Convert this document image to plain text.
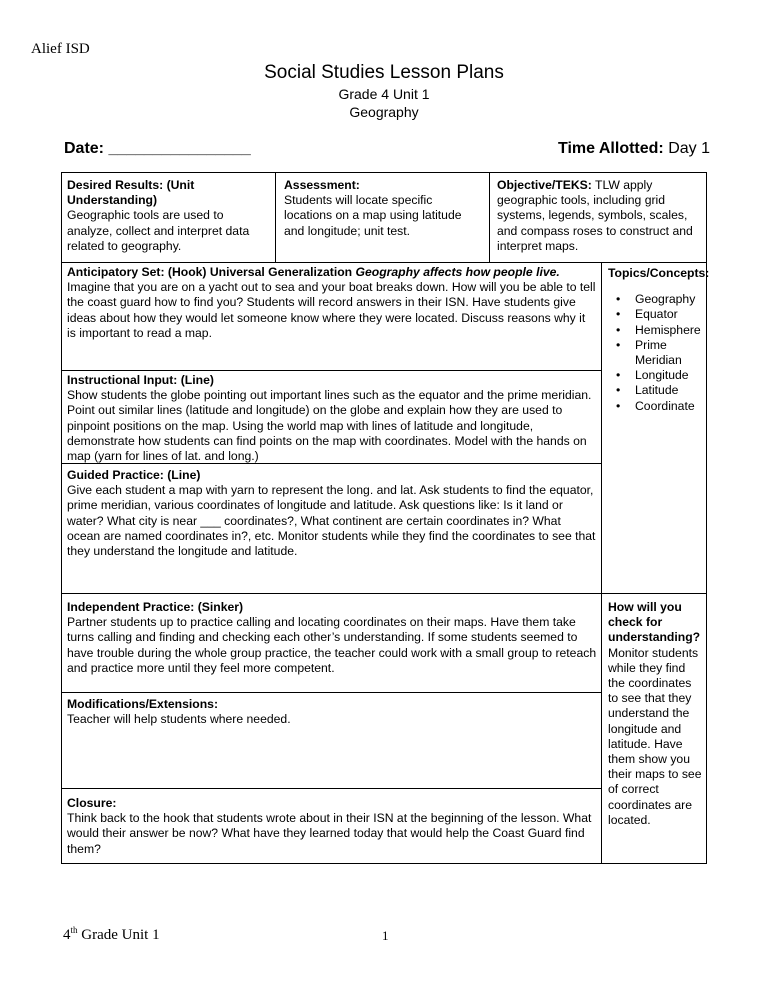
Alief ISD
Social Studies Lesson Plans
Grade 4 Unit 1
Geography
Date: ________________	Time Allotted: Day 1
Desired Results: (Unit Understanding)
Geographic tools are used to analyze, collect and interpret data related to geography.
Assessment:
Students will locate specific locations on a map using latitude and longitude; unit test.
Objective/TEKS: TLW apply geographic tools, including grid systems, legends, symbols, scales, and compass roses to construct and interpret maps.
Anticipatory Set: (Hook) Universal Generalization Geography affects how people live.
Imagine that you are on a yacht out to sea and your boat breaks down. How will you be able to tell the coast guard how to find you? Students will record answers in their ISN. Have students give ideas about how they would let someone know where they were located. Discuss reasons why it is important to read a map.
Topics/Concepts:
• Geography
• Equator
• Hemisphere
• Prime Meridian
• Longitude
• Latitude
• Coordinate
Instructional Input: (Line)
Show students the globe pointing out important lines such as the equator and the prime meridian. Point out similar lines (latitude and longitude) on the globe and explain how they are used to pinpoint positions on the map. Using the world map with lines of latitude and longitude, demonstrate how students can find points on the map with coordinates. Model with the hands on map (yarn for lines of lat. and long.)
Guided Practice: (Line)
Give each student a map with yarn to represent the long. and lat. Ask students to find the equator, prime meridian, various coordinates of longitude and latitude. Ask questions like: Is it land or water? What city is near ___ coordinates?, What continent are certain coordinates in? What ocean are named coordinates in?, etc. Monitor students while they find the coordinates to see that they understand the longitude and latitude.
Independent Practice: (Sinker)
Partner students up to practice calling and locating coordinates on their maps. Have them take turns calling and finding and checking each other’s understanding. If some students seemed to have trouble during the whole group practice, the teacher could work with a small group to reteach and practice more until they feel more competent.
How will you check for understanding?
Monitor students while they find the coordinates to see that they understand the longitude and latitude. Have them show you their maps to see of correct coordinates are located.
Modifications/Extensions:
Teacher will help students where needed.
Closure:
Think back to the hook that students wrote about in their ISN at the beginning of the lesson. What would their answer be now? What have they learned today that would help the Coast Guard find them?
4th Grade Unit 1	1
